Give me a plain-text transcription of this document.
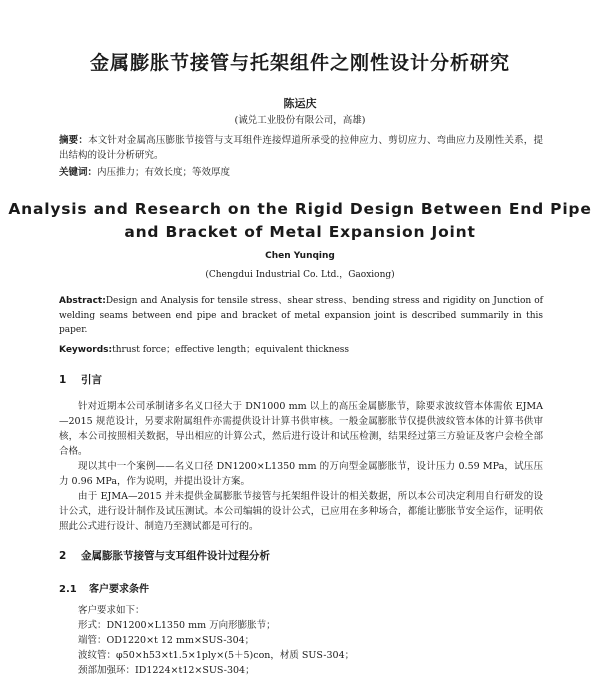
金属膨胀节接管与托架组件之刚性设计分析研究
陈运庆
(诚兑工业股份有限公司，高雄)
摘要：本文针对金属高压膨胀节接管与支耳组件连接焊道所承受的拉伸应力、剪切应力、弯曲应力及刚性关系，提出结构的设计分析研究。
关键词：内压推力；有效长度；等效厚度
Analysis and Research on the Rigid Design Between End Pipe
and Bracket of Metal Expansion Joint
Chen Yunqing
(Chengdui Industrial Co. Ltd.，Gaoxiong)
Abstract:Design and Analysis for tensile stress、shear stress、bending stress and rigidity on Junction of welding seams between end pipe and bracket of metal expansion joint is described summarily in this paper.
Keywords:thrust force；effective length；equivalent thickness
1 引言
针对近期本公司承制诸多名义口径大于 DN1000 mm 以上的高压金属膨胀节，除要求波纹管本体需依 EJMA—2015 规范设计，另要求附属组件亦需提供设计计算书供审核。一般金属膨胀节仅提供波纹管本体的计算书供审核，本公司按照相关数据，导出相应的计算公式，然后进行设计和试压检测，结果经过第三方验证及客户会检全部合格。
现以其中一个案例——名义口径 DN1200×L1350 mm 的万向型金属膨胀节，设计压力 0.59 MPa，试压压力 0.96 MPa，作为说明，并提出设计方案。
由于 EJMA—2015 并未提供金属膨胀节接管与托架组件设计的相关数据，所以本公司决定利用自行研发的设计公式，进行设计制作及试压测试。本公司编辑的设计公式，已应用在多种场合，都能让膨胀节安全运作，证明依照此公式进行设计、制造乃至测试都是可行的。
2 金属膨胀节接管与支耳组件设计过程分析
2.1 客户要求条件
客户要求如下：
形式：DN1200×L1350 mm 万向形膨胀节；
端管：OD1220×t 12 mm×SUS-304；
波纹管：φ50×h53×t1.5×1ply×(5＋5)con，材质 SUS-304；
颈部加强环：ID1224×t12×SUS-304；
